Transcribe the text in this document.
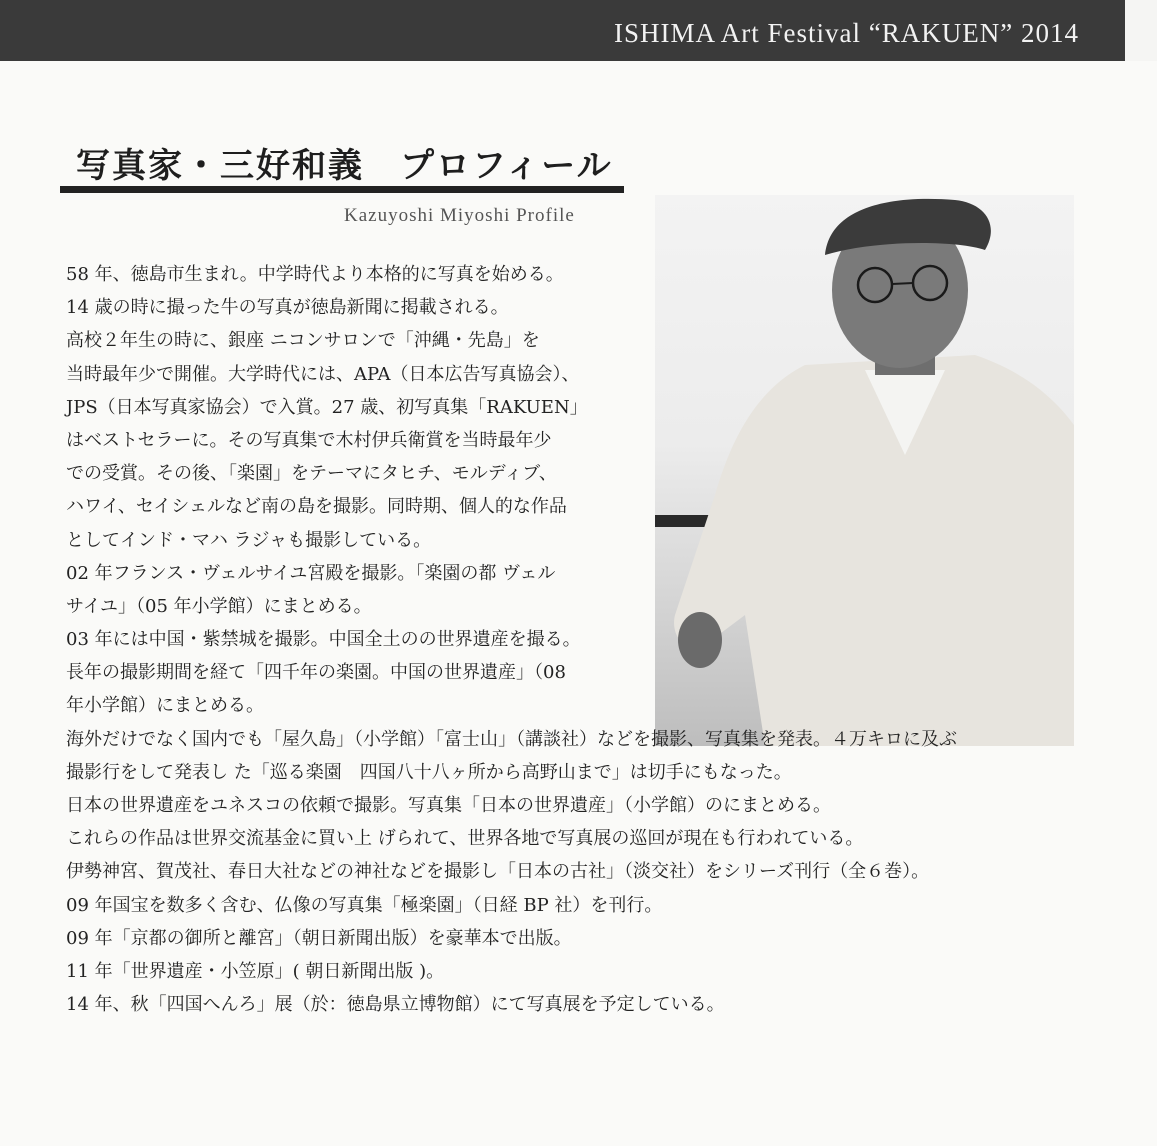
ISHIMA Art Festival “RAKUEN” 2014
写真家・三好和義　プロフィール
Kazuyoshi Miyoshi Profile
58 年、徳島市生まれ。中学時代より本格的に写真を始める。
14 歳の時に撮った牛の写真が徳島新聞に掲載される。
高校２年生の時に、銀座 ニコンサロンで「沖縄・先島」を
当時最年少で開催。大学時代には、APA（日本広告写真協会）、
JPS（日本写真家協会）で入賞。27 歳、初写真集「RAKUEN」
はベストセラーに。その写真集で木村伊兵衛賞を当時最年少
での受賞。その後、「楽園」をテーマにタヒチ、モルディブ、
ハワイ、セイシェルなど南の島を撮影。同時期、個人的な作品
としてインド・マハ ラジャも撮影している。
02 年フランス・ヴェルサイユ宮殿を撮影。「楽園の都 ヴェル
サイユ」（05 年小学館）にまとめる。
03 年には中国・紫禁城を撮影。中国全土のの世界遺産を撮る。
長年の撮影期間を経て「四千年の楽園。中国の世界遺産」（08
年小学館）にまとめる。
海外だけでなく国内でも「屋久島」（小学館）「富士山」（講談社）などを撮影、写真集を発表。４万キロに及ぶ
撮影行をして発表し た「巡る楽園　四国八十八ヶ所から高野山まで」は切手にもなった。
日本の世界遺産をユネスコの依頼で撮影。写真集「日本の世界遺産」（小学館）のにまとめる。
これらの作品は世界交流基金に買い上 げられて、世界各地で写真展の巡回が現在も行われている。
伊勢神宮、賀茂社、春日大社などの神社などを撮影し「日本の古社」（淡交社）をシリーズ刊行（全６巻）。
09 年国宝を数多く含む、仏像の写真集「極楽園」（日経 BP 社）を刊行。
09 年「京都の御所と離宮」（朝日新聞出版）を豪華本で出版。
11 年「世界遺産・小笠原」( 朝日新聞出版 )。
14 年、秋「四国へんろ」展（於：徳島県立博物館）にて写真展を予定している。
